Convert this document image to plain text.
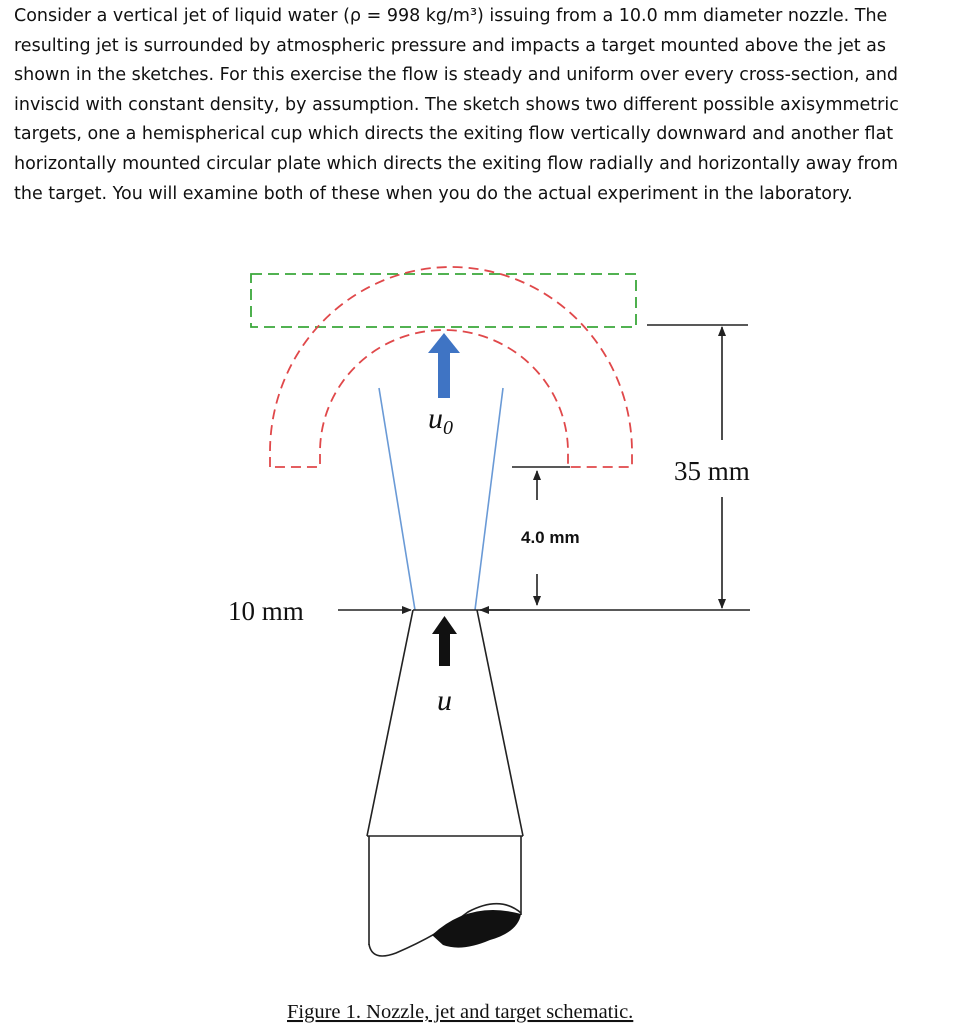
Consider a vertical jet of liquid water (ρ = 998 kg/m³) issuing from a 10.0 mm diameter nozzle. The
resulting jet is surrounded by atmospheric pressure and impacts a target mounted above the jet as
shown in the sketches. For this exercise the flow is steady and uniform over every cross-section, and
inviscid with constant density, by assumption. The sketch shows two different possible axisymmetric
targets, one a hemispherical cup which directs the exiting flow vertically downward and another flat
horizontally mounted circular plate which directs the exiting flow radially and horizontally away from
the target. You will examine both of these when you do the actual experiment in the laboratory.
$u_0$
u
35 mm
4.0 mm
10 mm
Figure 1. Nozzle, jet and target schematic.
